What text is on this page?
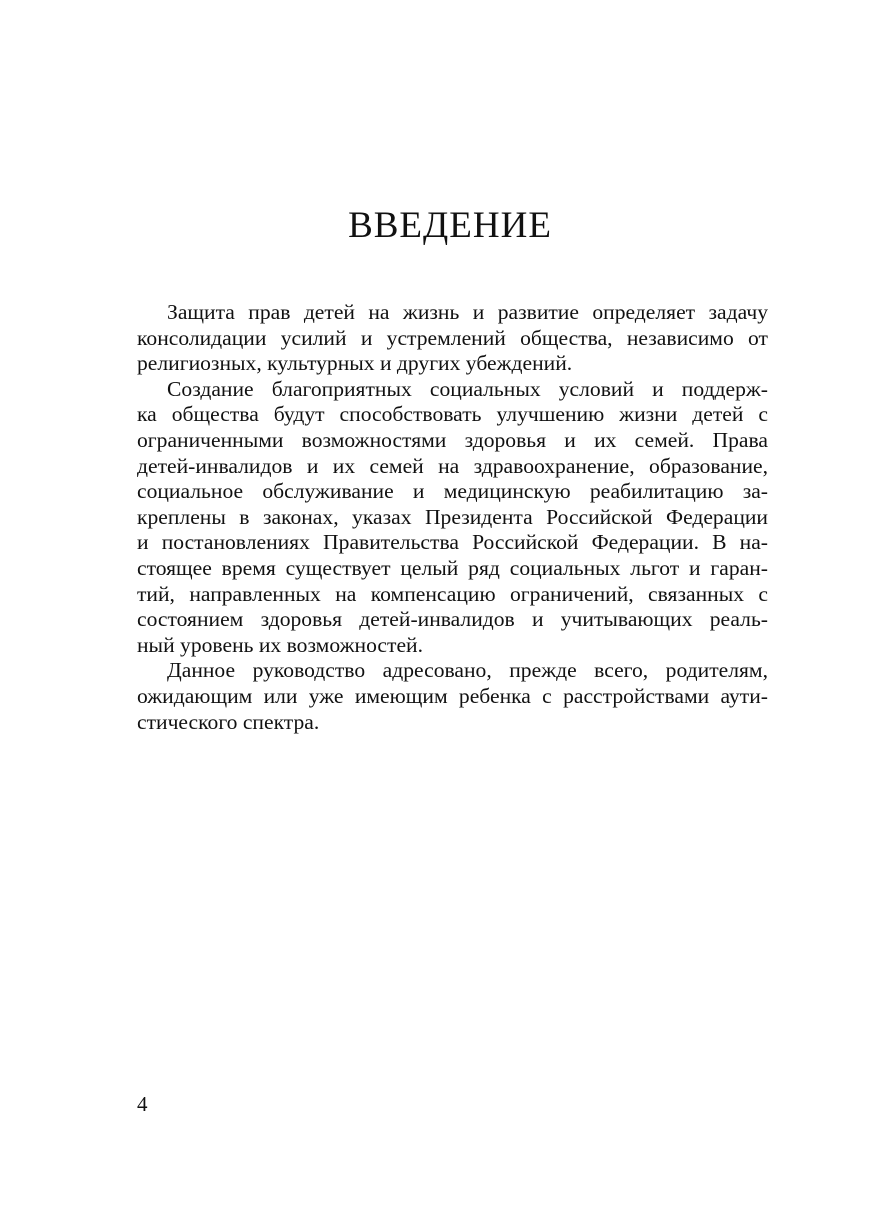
ВВЕДЕНИЕ

Защита прав детей на жизнь и развитие определяет задачу
консолидации усилий и устремлений общества, независимо от
религиозных, культурных и других убеждений.

Создание благоприятных социальных условий и поддерж-
ка общества будут способствовать улучшению жизни детей с
ограниченными возможностями здоровья и их семей. Права
детей-инвалидов и их семей на здравоохранение, образование,
социальное обслуживание и медицинскую реабилитацию за-
креплены в законах, указах Президента Российской Федерации
и постановлениях Правительства Российской Федерации. В на-
стоящее время существует целый ряд социальных льгот и гаран-
тий, направленных на компенсацию ограничений, связанных с
состоянием здоровья детей-инвалидов и учитывающих реаль-
ный уровень их возможностей.

Данное руководство адресовано, прежде всего, родителям,
ожидающим или уже имеющим ребенка с расстройствами аути-
стического спектра.

4
